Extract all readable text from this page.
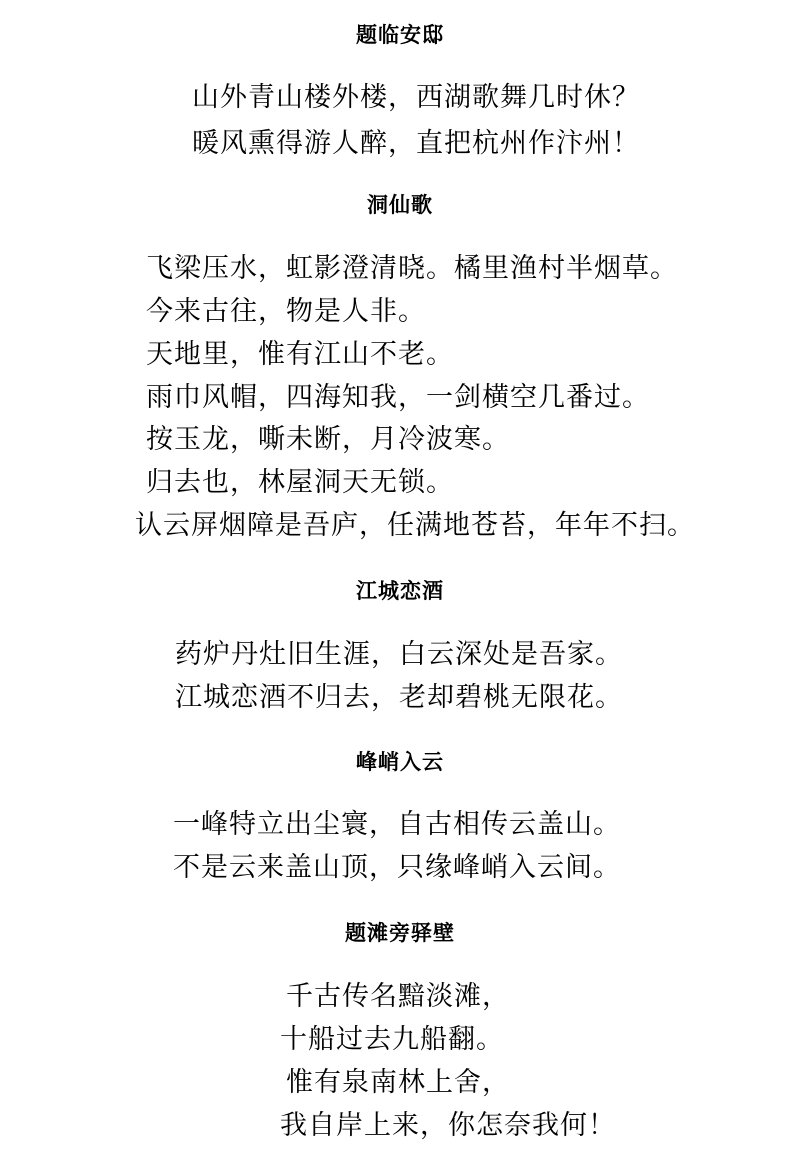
题临安邸
山外青山楼外楼，西湖歌舞几时休？
暖风熏得游人醉，直把杭州作汴州！
洞仙歌
飞梁压水，虹影澄清晓。橘里渔村半烟草。
今来古往，物是人非。
天地里，惟有江山不老。
雨巾风帽，四海知我，一剑横空几番过。
按玉龙，嘶未断，月冷波寒。
归去也，林屋洞天无锁。
认云屏烟障是吾庐，任满地苍苔，年年不扫。
江城恋酒
药炉丹灶旧生涯，白云深处是吾家。
江城恋酒不归去，老却碧桃无限花。
峰峭入云
一峰特立出尘寰，自古相传云盖山。
不是云来盖山顶，只缘峰峭入云间。
题滩旁驿壁
千古传名黯淡滩，
十船过去九船翻。
惟有泉南林上舍，
我自岸上来，你怎奈我何！
